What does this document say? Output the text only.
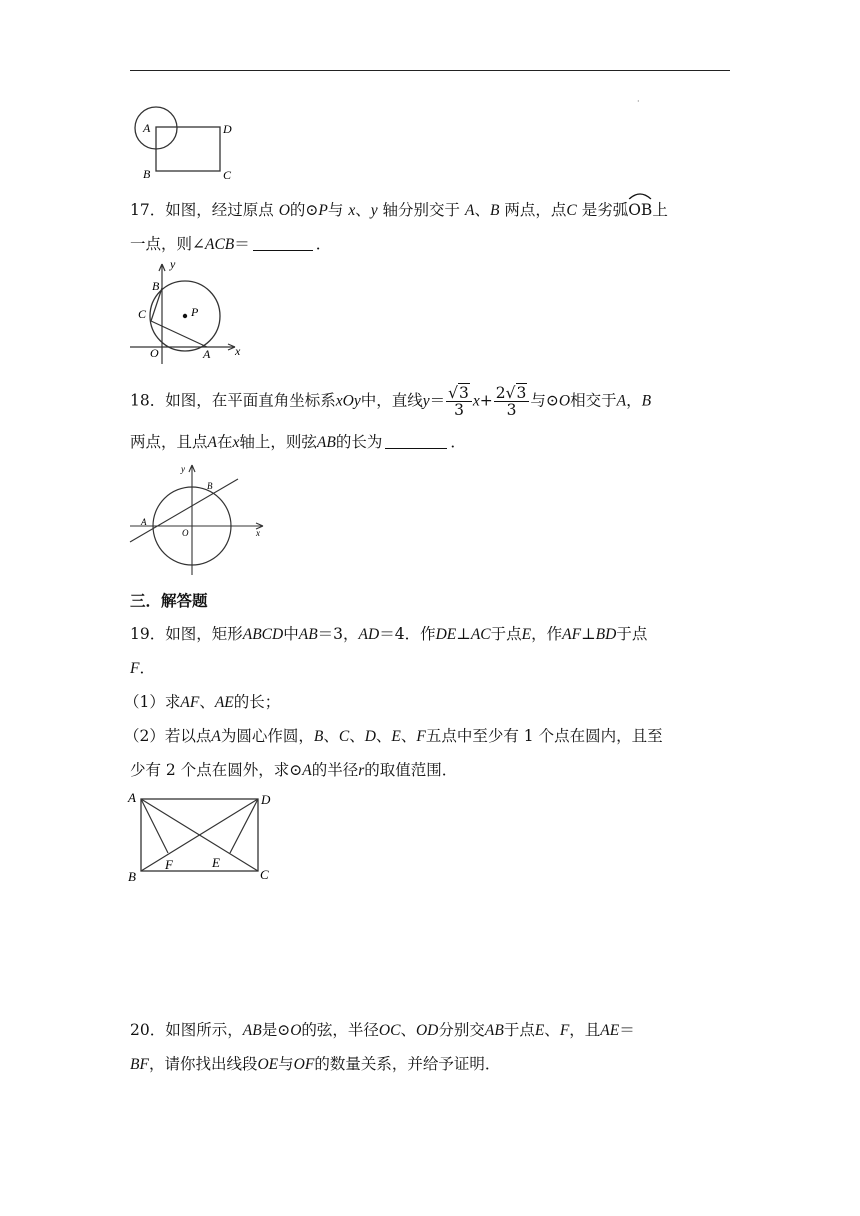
·
A	D
B	C
17．如图，经过原点 O的⊙P与 x、y 轴分别交于 A、B 两点，点C 是劣弧
OB上
一点，则∠ACB＝	．
y
B
C	P
O	A x
18．如图，在平面直角坐标系xOy中，直线$y= \frac{√3}{3} x+ \frac{2√3}{3}$ 与⊙O相交于A，B
两点，且点A在x轴上，则弦AB的长为	．
y
B
A
O	x
三．解答题
19．如图，矩形ABCD中AB＝3，AD＝4．作DE⊥AC于点E，作AF⊥BD于点
F．
（1）求AF、AE的长；
（2）若以点A为圆心作圆，B、C、D、E、F五点中至少有 1 个点在圆内，且至
少有 2 个点在圆外，求⊙A的半径r的取值范围．
A	D
B	C
F	E
20．如图所示，AB是⊙O的弦，半径OC、OD分别交AB于点E、F，且AE＝
BF，请你找出线段OE与OF的数量关系，并给予证明．
